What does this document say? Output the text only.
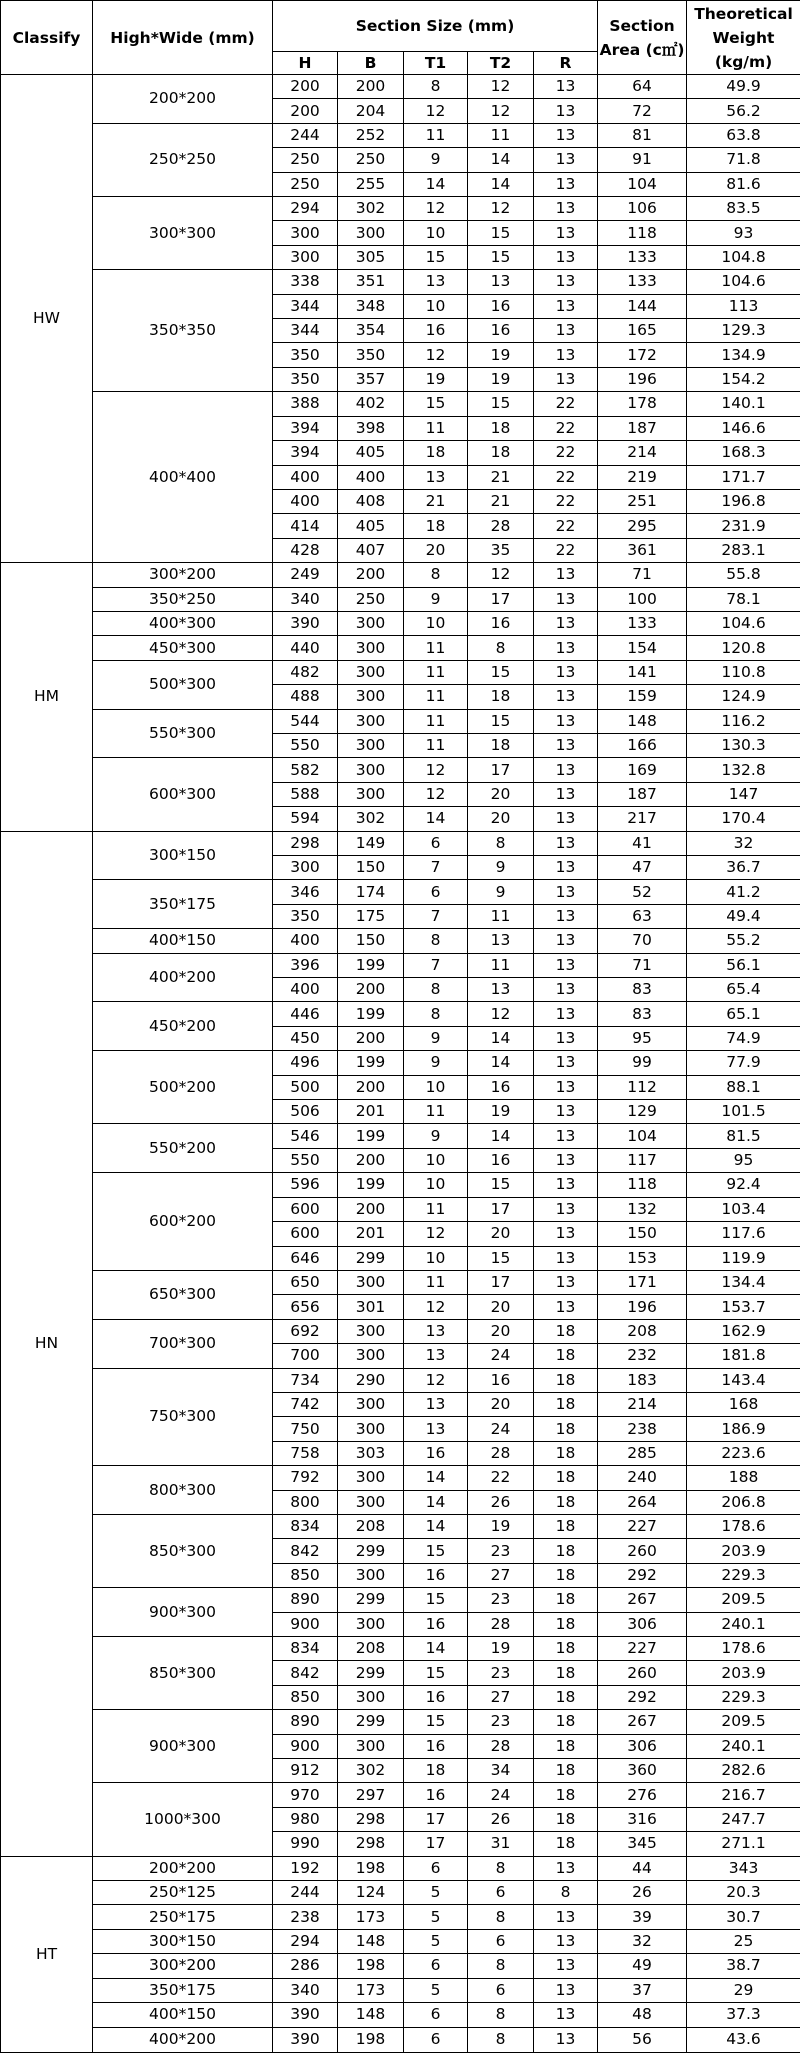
Classify	High*Wide (mm)	Section Size (mm)					Section Area (c㎡)	Theoretical Weight (kg/m)
		H	B	T1	T2	R		
HW	200*200	200	200	8	12	13	64	49.9
		200	204	12	12	13	72	56.2
	250*250	244	252	11	11	13	81	63.8
		250	250	9	14	13	91	71.8
		250	255	14	14	13	104	81.6
	300*300	294	302	12	12	13	106	83.5
		300	300	10	15	13	118	93
		300	305	15	15	13	133	104.8
	350*350	338	351	13	13	13	133	104.6
		344	348	10	16	13	144	113
		344	354	16	16	13	165	129.3
		350	350	12	19	13	172	134.9
		350	357	19	19	13	196	154.2
	400*400	388	402	15	15	22	178	140.1
		394	398	11	18	22	187	146.6
		394	405	18	18	22	214	168.3
		400	400	13	21	22	219	171.7
		400	408	21	21	22	251	196.8
		414	405	18	28	22	295	231.9
		428	407	20	35	22	361	283.1
HM	300*200	249	200	8	12	13	71	55.8
	350*250	340	250	9	17	13	100	78.1
	400*300	390	300	10	16	13	133	104.6
	450*300	440	300	11	8	13	154	120.8
	500*300	482	300	11	15	13	141	110.8
		488	300	11	18	13	159	124.9
	550*300	544	300	11	15	13	148	116.2
		550	300	11	18	13	166	130.3
	600*300	582	300	12	17	13	169	132.8
		588	300	12	20	13	187	147
		594	302	14	20	13	217	170.4
HN	300*150	298	149	6	8	13	41	32
		300	150	7	9	13	47	36.7
	350*175	346	174	6	9	13	52	41.2
		350	175	7	11	13	63	49.4
	400*150	400	150	8	13	13	70	55.2
	400*200	396	199	7	11	13	71	56.1
		400	200	8	13	13	83	65.4
	450*200	446	199	8	12	13	83	65.1
		450	200	9	14	13	95	74.9
	500*200	496	199	9	14	13	99	77.9
		500	200	10	16	13	112	88.1
		506	201	11	19	13	129	101.5
	550*200	546	199	9	14	13	104	81.5
		550	200	10	16	13	117	95
	600*200	596	199	10	15	13	118	92.4
		600	200	11	17	13	132	103.4
		600	201	12	20	13	150	117.6
		646	299	10	15	13	153	119.9
	650*300	650	300	11	17	13	171	134.4
		656	301	12	20	13	196	153.7
	700*300	692	300	13	20	18	208	162.9
		700	300	13	24	18	232	181.8
	750*300	734	290	12	16	18	183	143.4
		742	300	13	20	18	214	168
		750	300	13	24	18	238	186.9
		758	303	16	28	18	285	223.6
	800*300	792	300	14	22	18	240	188
		800	300	14	26	18	264	206.8
	850*300	834	208	14	19	18	227	178.6
		842	299	15	23	18	260	203.9
		850	300	16	27	18	292	229.3
	900*300	890	299	15	23	18	267	209.5
		900	300	16	28	18	306	240.1
	850*300	834	208	14	19	18	227	178.6
		842	299	15	23	18	260	203.9
		850	300	16	27	18	292	229.3
	900*300	890	299	15	23	18	267	209.5
		900	300	16	28	18	306	240.1
		912	302	18	34	18	360	282.6
	1000*300	970	297	16	24	18	276	216.7
		980	298	17	26	18	316	247.7
		990	298	17	31	18	345	271.1
HT	200*200	192	198	6	8	13	44	343
	250*125	244	124	5	6	8	26	20.3
	250*175	238	173	5	8	13	39	30.7
	300*150	294	148	5	6	13	32	25
	300*200	286	198	6	8	13	49	38.7
	350*175	340	173	5	6	13	37	29
	400*150	390	148	6	8	13	48	37.3
	400*200	390	198	6	8	13	56	43.6
